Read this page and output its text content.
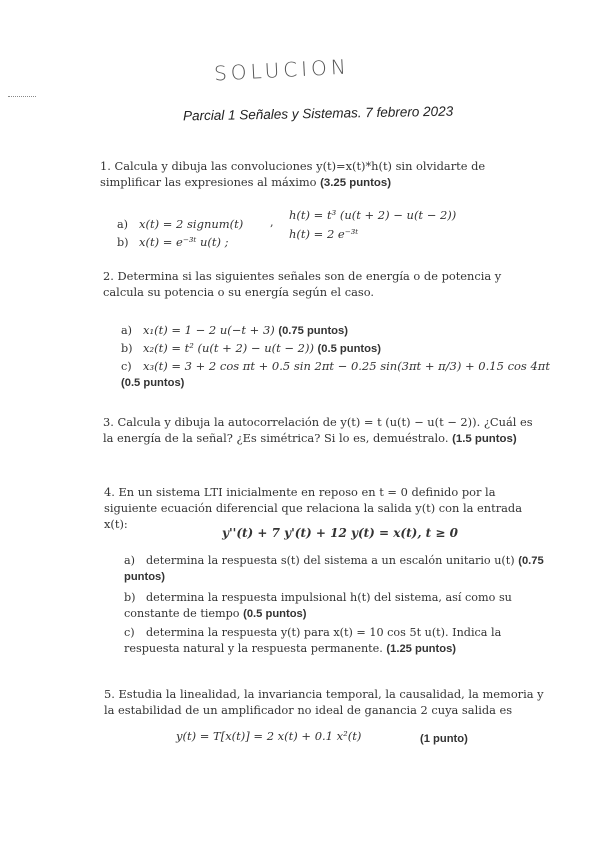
SOLUCION
Parcial 1 Señales y Sistemas. 7 febrero 2023
1. Calcula y dibuja las convoluciones y(t)=x(t)*h(t) sin olvidarte de simplificar las expresiones al máximo (3.25 puntos)
a) x(t) = 2 signum(t) ,
h(t) = t³ (u(t + 2) − u(t − 2))
b) x(t) = e⁻³ᵗ u(t) ;
h(t) = 2 e⁻³ᵗ
2. Determina si las siguientes señales son de energía o de potencia y calcula su potencia o su energía según el caso.
a) x₁(t) = 1 − 2 u(−t + 3) (0.75 puntos)
b) x₂(t) = t² (u(t + 2) − u(t − 2)) (0.5 puntos)
c) x₃(t) = 3 + 2 cos πt + 0.5 sin 2πt − 0.25 sin(3πt + π/3) + 0.15 cos 4πt (0.5 puntos)
3. Calcula y dibuja la autocorrelación de y(t) = t (u(t) − u(t − 2)). ¿Cuál es la energía de la señal? ¿Es simétrica? Si lo es, demuéstralo. (1.5 puntos)
4. En un sistema LTI inicialmente en reposo en t = 0 definido por la siguiente ecuación diferencial que relaciona la salida y(t) con la entrada x(t):
y''(t) + 7 y'(t) + 12 y(t) = x(t), t ≥ 0
a) determina la respuesta s(t) del sistema a un escalón unitario u(t) (0.75 puntos)
b) determina la respuesta impulsional h(t) del sistema, así como su constante de tiempo (0.5 puntos)
c) determina la respuesta y(t) para x(t) = 10 cos 5t u(t). Indica la respuesta natural y la respuesta permanente. (1.25 puntos)
5. Estudia la linealidad, la invariancia temporal, la causalidad, la memoria y la estabilidad de un amplificador no ideal de ganancia 2 cuya salida es
y(t) = T[x(t)] = 2 x(t) + 0.1 x²(t)	(1 punto)
